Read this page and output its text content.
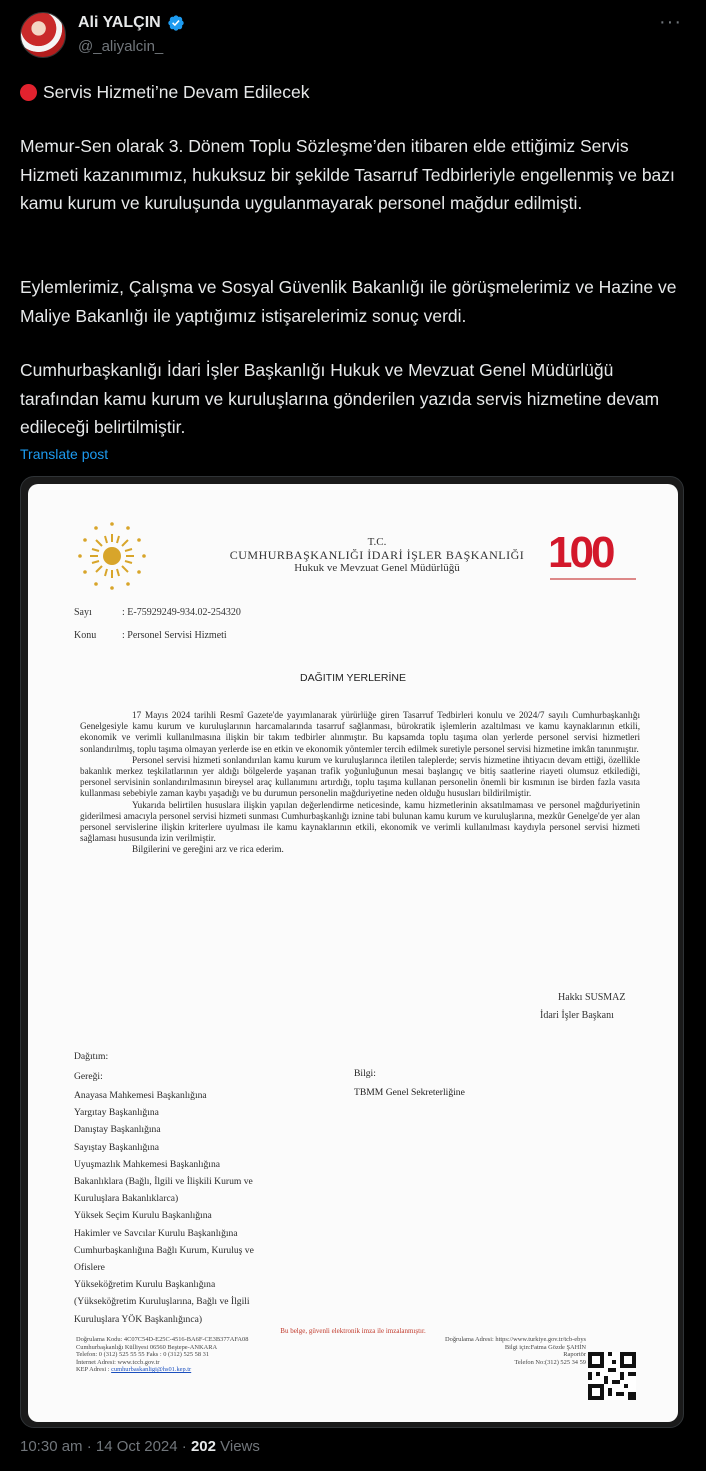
Ali YALÇIN
@_aliyalcin_
···
Servis Hizmeti’ne Devam Edilecek
Memur-Sen olarak 3. Dönem Toplu Sözleşme’den itibaren elde ettiğimiz Servis Hizmeti kazanımımız, hukuksuz bir şekilde Tasarruf Tedbirleriyle engellenmiş ve bazı kamu kurum ve kuruluşunda uygulanmayarak personel mağdur edilmişti.
Eylemlerimiz, Çalışma ve Sosyal Güvenlik Bakanlığı ile görüşmelerimiz ve Hazine ve Maliye Bakanlığı ile yaptığımız istişarelerimiz sonuç verdi.
Cumhurbaşkanlığı İdari İşler Başkanlığı Hukuk ve Mevzuat Genel Müdürlüğü tarafından kamu kurum ve kuruluşlarına gönderilen yazıda servis hizmetine devam edileceği belirtilmiştir.
Translate post
100
T.C.
CUMHURBAŞKANLIĞI İDARİ İŞLER BAŞKANLIĞI
Hukuk ve Mevzuat Genel Müdürlüğü
Sayı	: E-75929249-934.02-254320
Konu	: Personel Servisi Hizmeti
DAĞITIM YERLERİNE

17 Mayıs 2024 tarihli Resmî Gazete'de yayımlanarak yürürlüğe giren Tasarruf Tedbirleri konulu ve 2024/7 sayılı Cumhurbaşkanlığı Genelgesiyle kamu kurum ve kuruluşlarının harcamalarında tasarruf sağlanması, bürokratik işlemlerin azaltılması ve kamu kaynaklarının etkili, ekonomik ve verimli kullanılmasına ilişkin bir takım tedbirler alınmıştır. Bu kapsamda toplu taşıma olan yerlerde personel servisi hizmetleri sonlandırılmış, toplu taşıma olmayan yerlerde ise en etkin ve ekonomik yöntemler tercih edilmek suretiyle personel servisi hizmetine imkân tanınmıştır.

Personel servisi hizmeti sonlandırılan kamu kurum ve kuruluşlarınca iletilen taleplerde; servis hizmetine ihtiyacın devam ettiği, özellikle bakanlık merkez teşkilatlarının yer aldığı bölgelerde yaşanan trafik yoğunluğunun mesai başlangıç ve bitiş saatlerine riayeti olumsuz etkilediği, personel servisinin sonlandırılmasının bireysel araç kullanımını artırdığı, toplu taşıma kullanan personelin önemli bir kısmının ise birden fazla vasıta kullanması sebebiyle zaman kaybı yaşadığı ve bu durumun personelin mağduriyetine neden olduğu hususları bildirilmiştir.

Yukarıda belirtilen hususlara ilişkin yapılan değerlendirme neticesinde, kamu hizmetlerinin aksatılmaması ve personel mağduriyetinin giderilmesi amacıyla personel servisi hizmeti sunması Cumhurbaşkanlığı iznine tabi bulunan kamu kurum ve kuruluşlarına, mezkûr Genelge'de yer alan personel servislerine ilişkin kriterlere uyulması ile kamu kaynaklarının etkili, ekonomik ve verimli kullanılması kaydıyla personel servisi hizmeti sağlaması hususunda izin verilmiştir.

Bilgilerini ve gereğini arz ve rica ederim.

Hakkı SUSMAZ
İdari İşler Başkanı
Dağıtım:
Gereği:
Anayasa Mahkemesi Başkanlığına
Yargıtay Başkanlığına
Danıştay Başkanlığına
Sayıştay Başkanlığına
Uyuşmazlık Mahkemesi Başkanlığına
Bakanlıklara (Bağlı, İlgili ve İlişkili Kurum ve
Kuruluşlara Bakanlıklarca)
Yüksek Seçim Kurulu Başkanlığına
Hakimler ve Savcılar Kurulu Başkanlığına
Cumhurbaşkanlığına Bağlı Kurum, Kuruluş ve
Ofislere
Yükseköğretim Kurulu Başkanlığına
(Yükseköğretim Kuruluşlarına, Bağlı ve İlgili
Kuruluşlara YÖK Başkanlığınca)
Bilgi:
TBMM Genel Sekreterliğine
Bu belge, güvenli elektronik imza ile imzalanmıştır.
Doğrulama Kodu: 4C07C54D-E25C-4516-BA6F-CE3B377AFA08
Cumhurbaşkanlığı Külliyesi 06560 Beştepe-ANKARA
Telefon: 0 (312) 525 55 55 Faks : 0 (312) 525 58 31
İnternet Adresi: www.tccb.gov.tr
KEP Adresi : cumhurbaskanligi@hs01.kep.tr
Doğrulama Adresi: https://www.turkiye.gov.tr/tcb-ebys
Bilgi için:Fatma Gözde ŞAHİN
Raportör
Telefon No:(312) 525 34 59
10:30 am · 14 Oct 2024 · 202 Views
